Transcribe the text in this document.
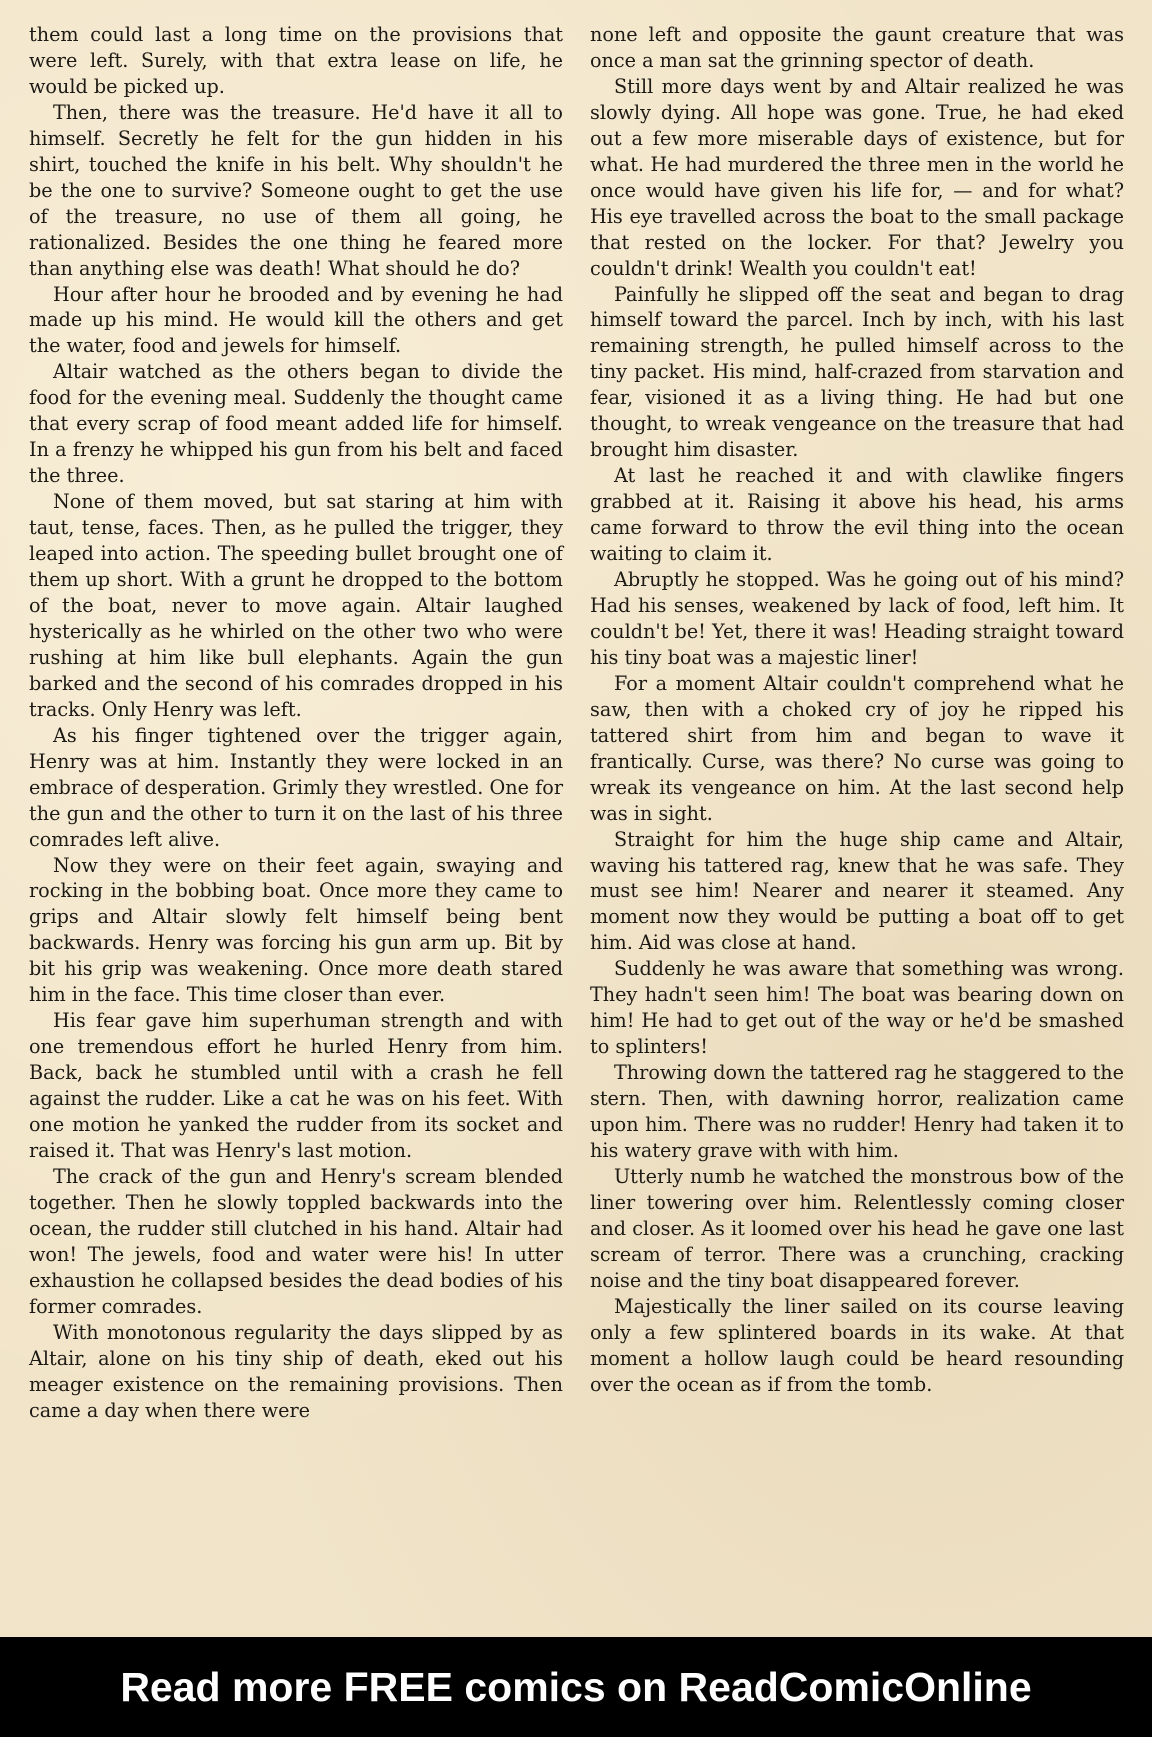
them could last a long time on the provisions that were left. Surely, with that extra lease on life, he would be picked up.

Then, there was the treasure. He'd have it all to himself. Secretly he felt for the gun hidden in his shirt, touched the knife in his belt. Why shouldn't he be the one to survive? Someone ought to get the use of the treasure, no use of them all going, he rationalized. Besides the one thing he feared more than anything else was death! What should he do?

Hour after hour he brooded and by evening he had made up his mind. He would kill the others and get the water, food and jewels for himself.

Altair watched as the others began to divide the food for the evening meal. Suddenly the thought came that every scrap of food meant added life for himself. In a frenzy he whipped his gun from his belt and faced the three.

None of them moved, but sat staring at him with taut, tense, faces. Then, as he pulled the trigger, they leaped into action. The speeding bullet brought one of them up short. With a grunt he dropped to the bottom of the boat, never to move again. Altair laughed hysterically as he whirled on the other two who were rushing at him like bull elephants. Again the gun barked and the second of his comrades dropped in his tracks. Only Henry was left.

As his finger tightened over the trigger again, Henry was at him. Instantly they were locked in an embrace of desperation. Grimly they wrestled. One for the gun and the other to turn it on the last of his three comrades left alive.

Now they were on their feet again, swaying and rocking in the bobbing boat. Once more they came to grips and Altair slowly felt himself being bent backwards. Henry was forcing his gun arm up. Bit by bit his grip was weakening. Once more death stared him in the face. This time closer than ever.

His fear gave him superhuman strength and with one tremendous effort he hurled Henry from him. Back, back he stumbled until with a crash he fell against the rudder. Like a cat he was on his feet. With one motion he yanked the rudder from its socket and raised it. That was Henry's last motion.

The crack of the gun and Henry's scream blended together. Then he slowly toppled backwards into the ocean, the rudder still clutched in his hand. Altair had won! The jewels, food and water were his! In utter exhaustion he collapsed besides the dead bodies of his former comrades.

With monotonous regularity the days slipped by as Altair, alone on his tiny ship of death, eked out his meager existence on the remaining provisions. Then came a day when there were

none left and opposite the gaunt creature that was once a man sat the grinning spector of death.

Still more days went by and Altair realized he was slowly dying. All hope was gone. True, he had eked out a few more miserable days of existence, but for what. He had murdered the three men in the world he once would have given his life for, — and for what? His eye travelled across the boat to the small package that rested on the locker. For that? Jewelry you couldn't drink! Wealth you couldn't eat!

Painfully he slipped off the seat and began to drag himself toward the parcel. Inch by inch, with his last remaining strength, he pulled himself across to the tiny packet. His mind, half-crazed from starvation and fear, visioned it as a living thing. He had but one thought, to wreak vengeance on the treasure that had brought him disaster.

At last he reached it and with clawlike fingers grabbed at it. Raising it above his head, his arms came forward to throw the evil thing into the ocean waiting to claim it.

Abruptly he stopped. Was he going out of his mind? Had his senses, weakened by lack of food, left him. It couldn't be! Yet, there it was! Heading straight toward his tiny boat was a majestic liner!

For a moment Altair couldn't comprehend what he saw, then with a choked cry of joy he ripped his tattered shirt from him and began to wave it frantically. Curse, was there? No curse was going to wreak its vengeance on him. At the last second help was in sight.

Straight for him the huge ship came and Altair, waving his tattered rag, knew that he was safe. They must see him! Nearer and nearer it steamed. Any moment now they would be putting a boat off to get him. Aid was close at hand.

Suddenly he was aware that something was wrong. They hadn't seen him! The boat was bearing down on him! He had to get out of the way or he'd be smashed to splinters!

Throwing down the tattered rag he staggered to the stern. Then, with dawning horror, realization came upon him. There was no rudder! Henry had taken it to his watery grave with with him.

Utterly numb he watched the monstrous bow of the liner towering over him. Relentlessly coming closer and closer. As it loomed over his head he gave one last scream of terror. There was a crunching, cracking noise and the tiny boat disappeared forever.

Majestically the liner sailed on its course leaving only a few splintered boards in its wake. At that moment a hollow laugh could be heard resounding over the ocean as if from the tomb.

Read more FREE comics on ReadComicOnline
